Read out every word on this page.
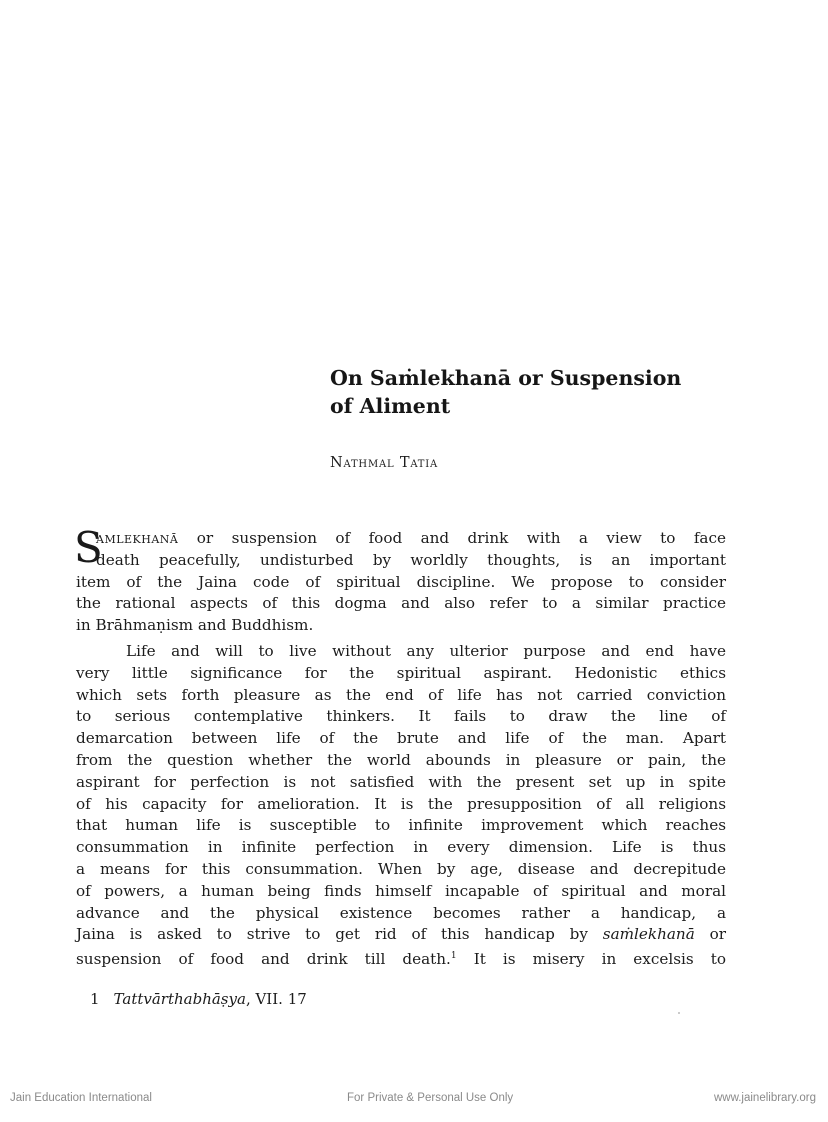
On Saṁlekhanā or Suspension
of Aliment
Nathmal Tatia
S
amlekhanā or suspension of food and drink with a view to face
death peacefully, undisturbed by worldly thoughts, is an important
item of the Jaina code of spiritual discipline. We propose to consider
the rational aspects of this dogma and also refer to a similar practice
in Brāhmaṇism and Buddhism.
Life and will to live without any ulterior purpose and end have
very little significance for the spiritual aspirant. Hedonistic ethics
which sets forth pleasure as the end of life has not carried conviction
to serious contemplative thinkers. It fails to draw the line of
demarcation between life of the brute and life of the man. Apart
from the question whether the world abounds in pleasure or pain, the
aspirant for perfection is not satisfied with the present set up in spite
of his capacity for amelioration. It is the presupposition of all religions
that human life is susceptible to infinite improvement which reaches
consummation in infinite perfection in every dimension. Life is thus
a means for this consummation. When by age, disease and decrepitude
of powers, a human being finds himself incapable of spiritual and moral
advance and the physical existence becomes rather a handicap, a
Jaina is asked to strive to get rid of this handicap by saṁlekhanā or
suspension of food and drink till death.$^1$ It is misery in excelsis to
1 Tattvārthabhāṣya, VII. 17
Jain Education International	For Private & Personal Use Only	www.jainelibrary.org
